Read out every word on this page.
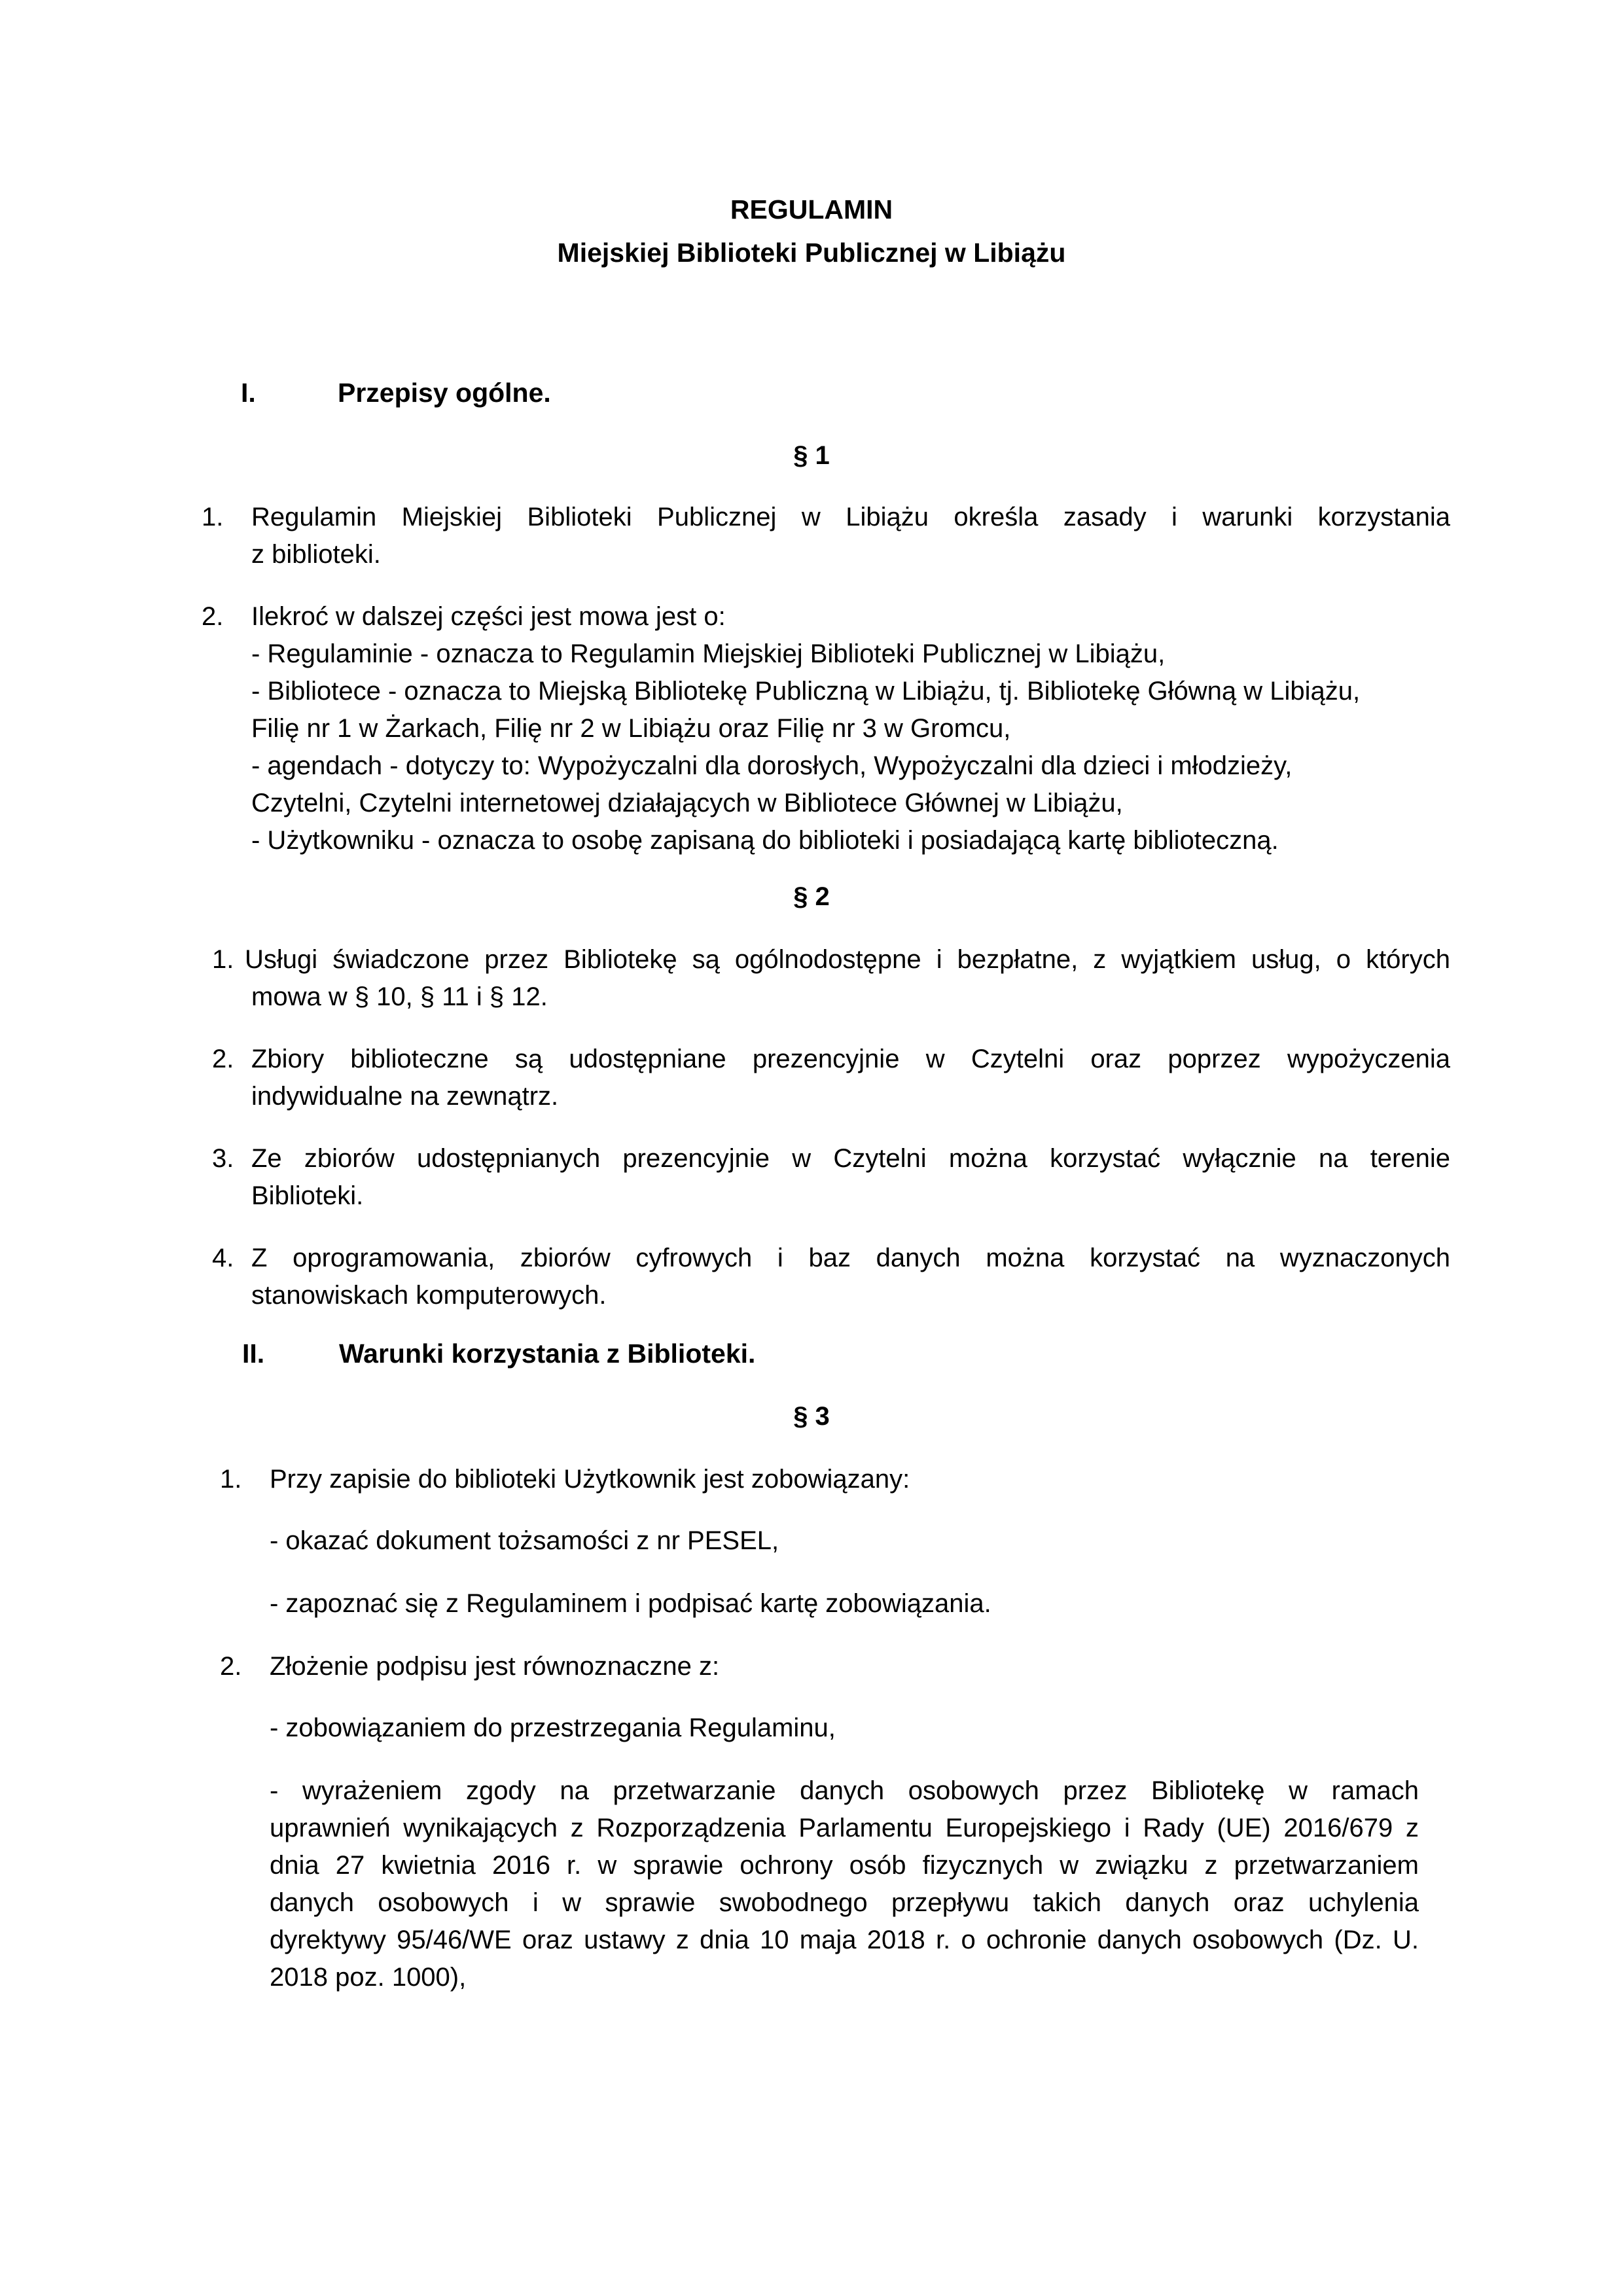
REGULAMIN
Miejskiej Biblioteki Publicznej w Libiążu
I.	Przepisy ogólne.
§ 1
1. Regulamin Miejskiej Biblioteki Publicznej w Libiążu określa zasady i warunki korzystania
z biblioteki.
2. Ilekroć w dalszej części jest mowa jest o:
- Regulaminie - oznacza to Regulamin Miejskiej Biblioteki Publicznej w Libiążu,
- Bibliotece - oznacza to Miejską Bibliotekę Publiczną w Libiążu, tj. Bibliotekę Główną w Libiążu,
Filię nr 1 w Żarkach, Filię nr 2 w Libiążu oraz Filię nr 3 w Gromcu,
- agendach - dotyczy to: Wypożyczalni dla dorosłych, Wypożyczalni dla dzieci i młodzieży,
Czytelni, Czytelni internetowej działających w Bibliotece Głównej w Libiążu,
- Użytkowniku - oznacza to osobę zapisaną do biblioteki i posiadającą kartę biblioteczną.
§ 2
1. Usługi świadczone przez Bibliotekę są ogólnodostępne i bezpłatne, z wyjątkiem usług, o których
mowa w § 10, § 11 i § 12.
2. Zbiory biblioteczne są udostępniane prezencyjnie w Czytelni oraz poprzez wypożyczenia
indywidualne na zewnątrz.
3. Ze zbiorów udostępnianych prezencyjnie w Czytelni można korzystać wyłącznie na terenie
Biblioteki.
4. Z oprogramowania, zbiorów cyfrowych i baz danych można korzystać na wyznaczonych
stanowiskach komputerowych.
II.	Warunki korzystania z Biblioteki.
§ 3
1. Przy zapisie do biblioteki Użytkownik jest zobowiązany:
- okazać dokument tożsamości z nr PESEL,
- zapoznać się z Regulaminem i podpisać kartę zobowiązania.
2. Złożenie podpisu jest równoznaczne z:
- zobowiązaniem do przestrzegania Regulaminu,
- wyrażeniem zgody na przetwarzanie danych osobowych przez Bibliotekę w ramach
uprawnień wynikających z Rozporządzenia Parlamentu Europejskiego i Rady (UE) 2016/679 z
dnia 27 kwietnia 2016 r. w sprawie ochrony osób fizycznych w związku z przetwarzaniem
danych osobowych i w sprawie swobodnego przepływu takich danych oraz uchylenia
dyrektywy 95/46/WE oraz ustawy z dnia 10 maja 2018 r. o ochronie danych osobowych (Dz. U.
2018 poz. 1000),
